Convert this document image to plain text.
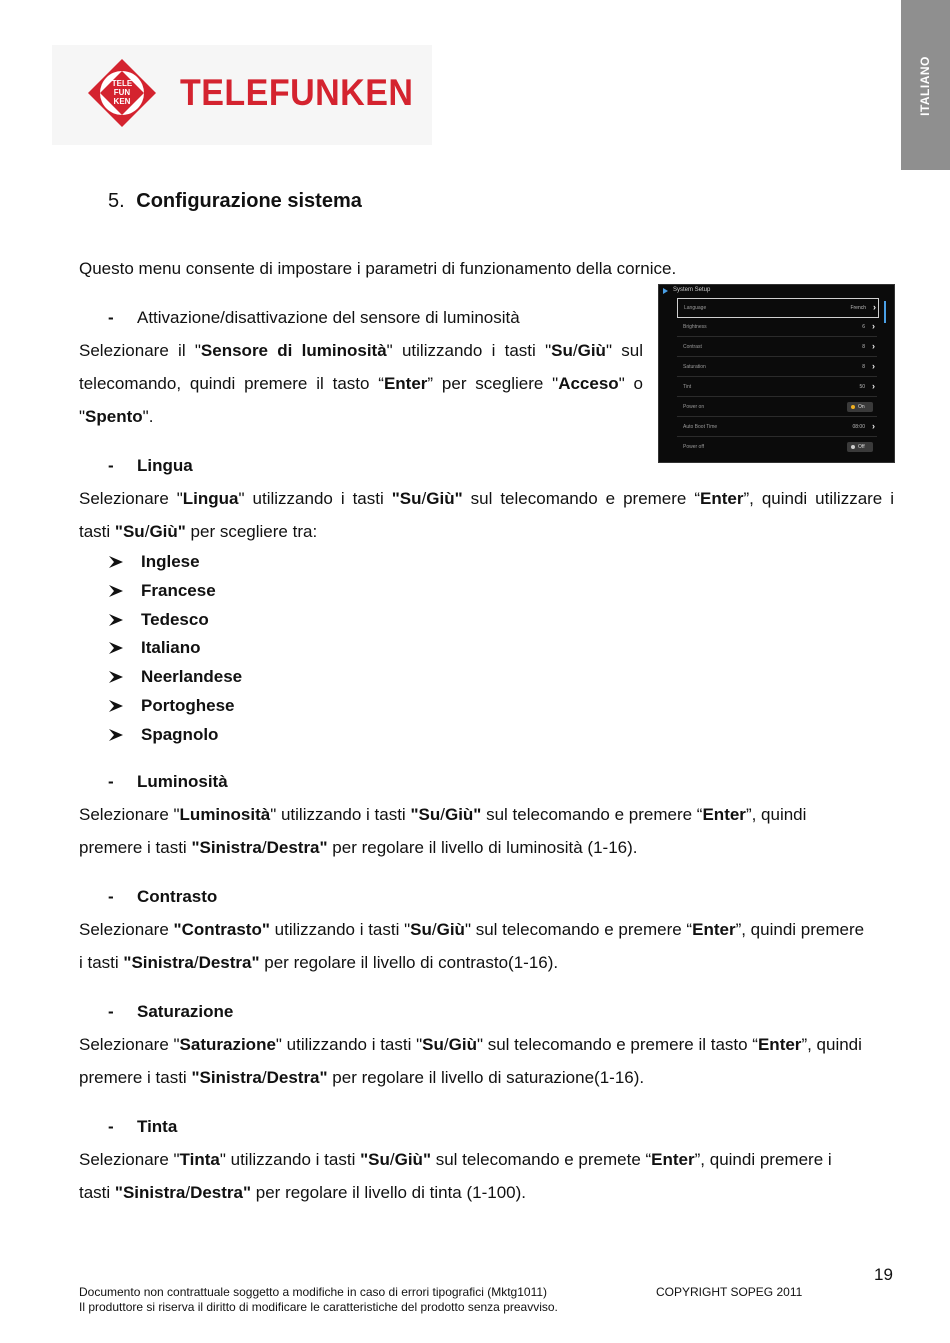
ITALIANO
TELE
FUN
KEN TELEFUNKEN
5. Configurazione sistema
Questo menu consente di impostare i parametri di funzionamento della cornice.
- Attivazione/disattivazione del sensore di luminosità
Selezionare il "Sensore di luminosità" utilizzando i tasti "Su/Giù" sul
telecomando, quindi premere il tasto “Enter” per scegliere "Acceso" o
"Spento".
System Setup
Language	French ›
Brightness	6 ›
Contrast	8 ›
Saturation	8 ›
Tint	50 ›
Power on	On
Auto Boot Time	08:00 ›
Power off	Off
- Lingua
Selezionare "Lingua" utilizzando i tasti "Su/Giù" sul telecomando e premere “Enter”, quindi utilizzare i
tasti "Su/Giù" per scegliere tra:
Inglese
Francese
Tedesco
Italiano
Neerlandese
Portoghese
Spagnolo
- Luminosità
Selezionare "Luminosità" utilizzando i tasti "Su/Giù" sul telecomando e premere “Enter”, quindi
premere i tasti "Sinistra/Destra" per regolare il livello di luminosità (1-16).
- Contrasto
Selezionare "Contrasto" utilizzando i tasti "Su/Giù" sul telecomando e premere “Enter”, quindi premere
i tasti "Sinistra/Destra" per regolare il livello di contrasto(1-16).
- Saturazione
Selezionare "Saturazione" utilizzando i tasti "Su/Giù" sul telecomando e premere il tasto “Enter”, quindi
premere i tasti "Sinistra/Destra" per regolare il livello di saturazione(1-16).
- Tinta
Selezionare "Tinta" utilizzando i tasti "Su/Giù" sul telecomando e premete “Enter”, quindi premere i
tasti "Sinistra/Destra" per regolare il livello di tinta (1-100).
19
Documento non contrattuale soggetto a modifiche in caso di errori tipografici (Mktg1011)	COPYRIGHT SOPEG 2011
Il produttore si riserva il diritto di modificare le caratteristiche del prodotto senza preavviso.
